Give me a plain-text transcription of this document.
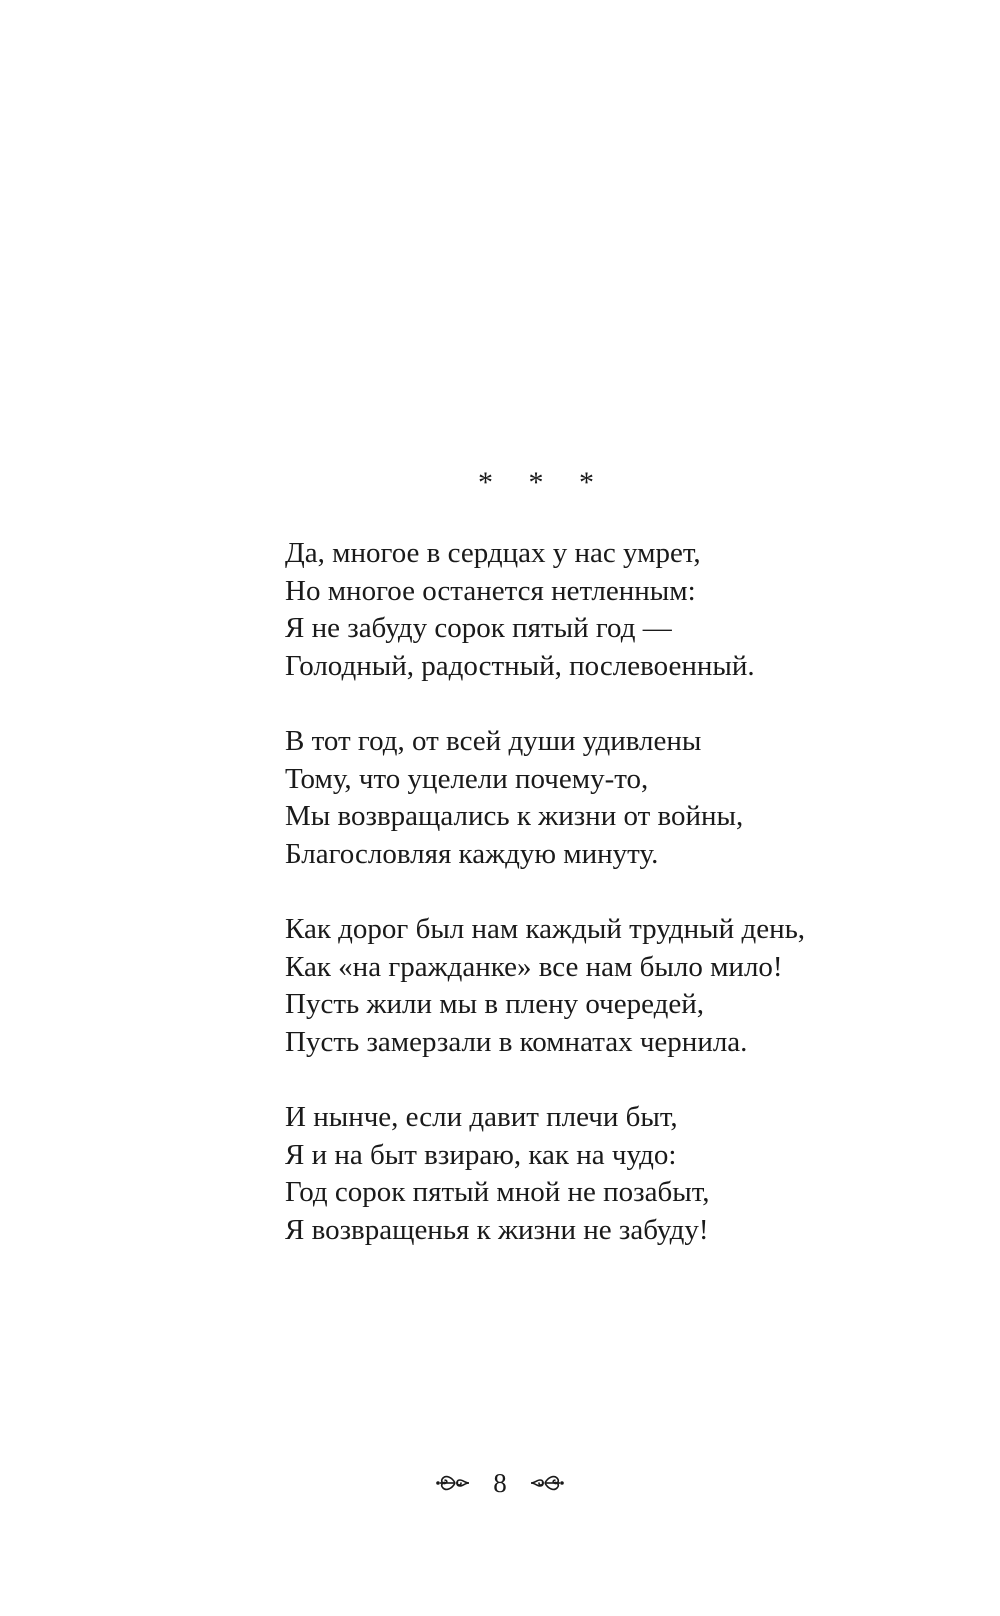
* * *
Да, многое в сердцах у нас умрет,
Но многое останется нетленным:
Я не забуду сорок пятый год —
Голодный, радостный, послевоенный.
В тот год, от всей души удивлены
Тому, что уцелели почему-то,
Мы возвращались к жизни от войны,
Благословляя каждую минуту.
Как дорог был нам каждый трудный день,
Как «на гражданке» все нам было мило!
Пусть жили мы в плену очередей,
Пусть замерзали в комнатах чернила.
И нынче, если давит плечи быт,
Я и на быт взираю, как на чудо:
Год сорок пятый мной не позабыт,
Я возвращенья к жизни не забуду!
8
